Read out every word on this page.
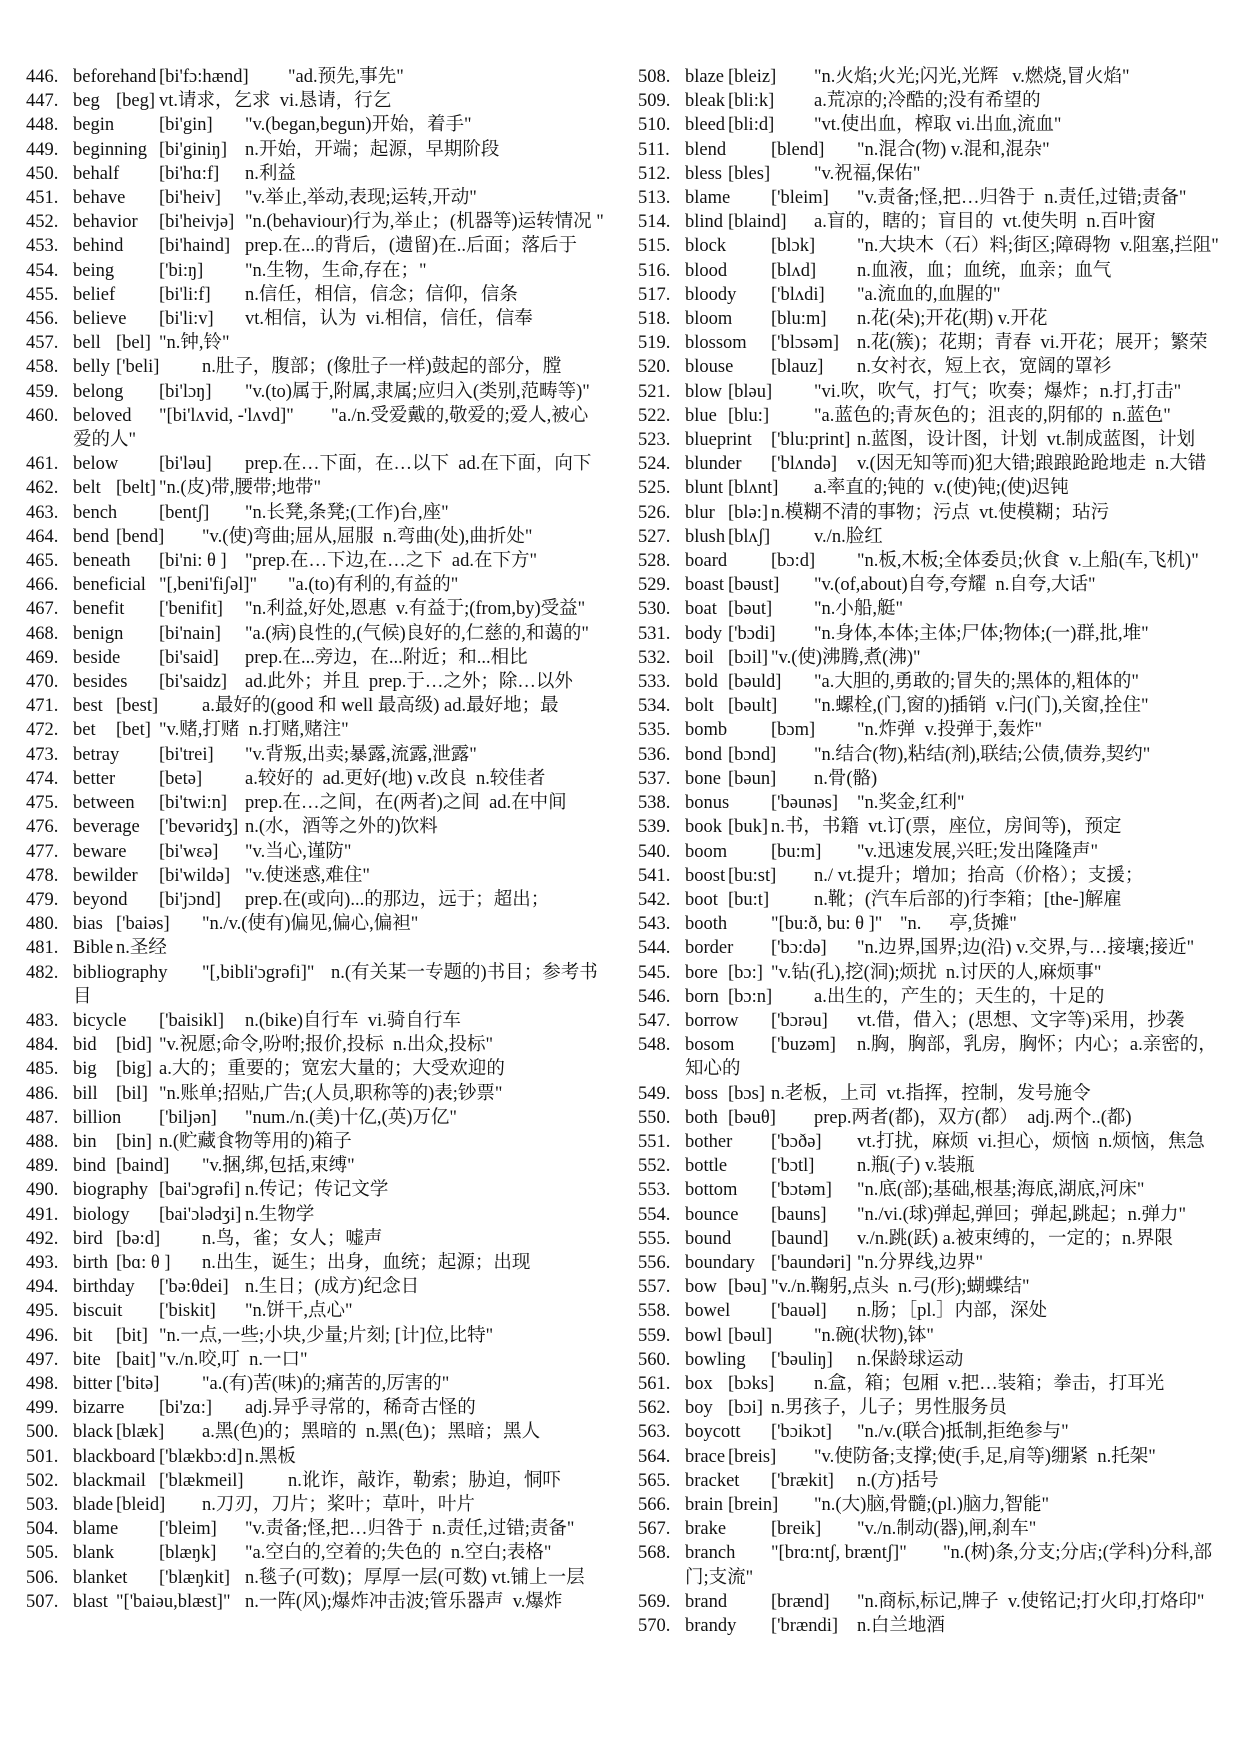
446. beforehand	[bi'fɔ:hænd]	"ad.预先,事先"
447. beg	[beg]	vt.请求，乞求  vi.恳请，行乞
448. begin	[bi'gin]	"v.(began,begun)开始，着手"
449. beginning	[bi'giniŋ]	n.开始，开端；起源，早期阶段
450. behalf	[bi'hɑ:f]	n.利益
451. behave	[bi'heiv]	"v.举止,举动,表现;运转,开动"
452. behavior	[bi'heivjə]	"n.(behaviour)行为,举止；(机器等)运转情况 "
453. behind	[bi'haind]	prep.在...的背后，(遗留)在..后面；落后于
454. being	['bi:ŋ]	"n.生物，生命,存在；"
455. belief	[bi'li:f]	n.信任，相信，信念；信仰，信条
456. believe	[bi'li:v]	vt.相信，认为  vi.相信，信任，信奉
457. bell	[bel]	"n.钟,铃"
458. belly	['beli]	n.肚子，腹部；(像肚子一样)鼓起的部分，膛
459. belong	[bi'lɔŋ]	"v.(to)属于,附属,隶属;应归入(类别,范畴等)"
460. beloved	"[bi'lʌvid, -'lʌvd]"	"a./n.受爱戴的,敬爱的;爱人,被心爱的人"
461. below	[bi'ləu]	prep.在…下面，在…以下  ad.在下面，向下
462. belt	[belt]	"n.(皮)带,腰带;地带"
463. bench	[bentʃ]	"n.长凳,条凳;(工作)台,座"
464. bend	[bend]	"v.(使)弯曲;屈从,屈服  n.弯曲(处),曲折处"
465. beneath	[bi'ni: θ ]	"prep.在…下边,在…之下  ad.在下方"
466. beneficial	"[,beni'fiʃəl]"	"a.(to)有利的,有益的"
467. benefit	['benifit]	"n.利益,好处,恩惠  v.有益于;(from,by)受益"
468. benign	[bi'nain]	"a.(病)良性的,(气候)良好的,仁慈的,和蔼的"
469. beside	[bi'said]	prep.在...旁边，在...附近；和...相比
470. besides	[bi'saidz]	ad.此外；并且  prep.于…之外；除…以外
471. best	[best]	a.最好的(good 和 well 最高级) ad.最好地；最
472. bet	[bet]	"v.赌,打赌  n.打赌,赌注"
473. betray	[bi'trei]	"v.背叛,出卖;暴露,流露,泄露"
474. better	[betə]	a.较好的  ad.更好(地) v.改良  n.较佳者
475. between	[bi'twi:n]	prep.在…之间，在(两者)之间  ad.在中间
476. beverage	['bevəridʒ]	n.(水，酒等之外的)饮料
477. beware	[bi'wɛə]	"v.当心,谨防"
478. bewilder	[bi'wildə]	"v.使迷惑,难住"
479. beyond	[bi'jɔnd]	prep.在(或向)...的那边，远于；超出；
480. bias	['baiəs]	"n./v.(使有)偏见,偏心,偏袒"
481. Bible	n.圣经
482. bibliography	"[,bibli'ɔgrəfi]"	n.(有关某一专题的)书目；参考书目
483. bicycle	['baisikl]	n.(bike)自行车  vi.骑自行车
484. bid	[bid]	"v.祝愿;命令,吩咐;报价,投标  n.出众,投标"
485. big	[big]	a.大的；重要的；宽宏大量的；大受欢迎的
486. bill	[bil]	"n.账单;招贴,广告;(人员,职称等的)表;钞票"
487. billion	['biljən]	"num./n.(美)十亿,(英)万亿"
488. bin	[bin]	n.(贮藏食物等用的)箱子
489. bind	[baind]	"v.捆,绑,包括,束缚"
490. biography	[bai'ɔgrəfi]	n.传记；传记文学
491. biology	[bai'ɔlədʒi]	n.生物学
492. bird	[bə:d]	n.鸟，雀；女人；嘘声
493. birth	[bɑ: θ ]	n.出生，诞生；出身，血统；起源；出现
494. birthday	['bə:θdei]	n.生日；(成方)纪念日
495. biscuit	['biskit]	"n.饼干,点心"
496. bit	[bit]	"n.一点,一些;小块,少量;片刻; [计]位,比特"
497. bite	[bait]	"v./n.咬,叮  n.一口"
498. bitter	['bitə]	"a.(有)苦(味)的;痛苦的,厉害的"
499. bizarre	[bi'zɑ:]	adj.异乎寻常的，稀奇古怪的
500. black	[blæk]	a.黑(色)的；黑暗的  n.黑(色)；黑暗；黑人
501. blackboard	['blækbɔ:d]	n.黑板
502. blackmail	['blækmeil]	n.讹诈，敲诈，勒索；胁迫，恫吓
503. blade	[bleid]	n.刀刃，刀片；桨叶；草叶，叶片
504. blame	['bleim]	"v.责备;怪,把…归咎于  n.责任,过错;责备"
505. blank	[blæŋk]	"a.空白的,空着的;失色的  n.空白;表格"
506. blanket	['blæŋkit]	n.毯子(可数)；厚厚一层(可数) vt.铺上一层
507. blast	"['baiəu,blæst]"	n.一阵(风);爆炸冲击波;管乐器声  v.爆炸
508. blaze	[bleiz]	"n.火焰;火光;闪光,光辉   v.燃烧,冒火焰"
509. bleak	[bli:k]	a.荒凉的;冷酷的;没有希望的
510. bleed	[bli:d]	"vt.使出血，榨取 vi.出血,流血"
511. blend	[blend]	"n.混合(物) v.混和,混杂"
512. bless	[bles]	"v.祝福,保佑"
513. blame	['bleim]	"v.责备;怪,把…归咎于  n.责任,过错;责备"
514. blind	[blaind]	a.盲的，瞎的；盲目的  vt.使失明  n.百叶窗
515. block	[blɔk]	"n.大块木（石）料;街区;障碍物  v.阻塞,拦阻"
516. blood	[blʌd]	n.血液，血；血统，血亲；血气
517. bloody	['blʌdi]	"a.流血的,血腥的"
518. bloom	[blu:m]	n.花(朵);开花(期) v.开花
519. blossom	['blɔsəm]	n.花(簇)；花期；青春  vi.开花；展开；繁荣
520. blouse	[blauz]	n.女衬衣，短上衣，宽阔的罩衫
521. blow	[bləu]	"vi.吹，吹气，打气；吹奏；爆炸；n.打,打击"
522. blue	[blu:]	"a.蓝色的;青灰色的；沮丧的,阴郁的  n.蓝色"
523. blueprint	['blu:print]	n.蓝图，设计图，计划  vt.制成蓝图，计划
524. blunder	['blʌndə]	v.(因无知等而)犯大错;踉踉跄跄地走  n.大错
525. blunt	[blʌnt]	a.率直的;钝的  v.(使)钝;(使)迟钝
526. blur	[blə:]	n.模糊不清的事物；污点  vt.使模糊；玷污
527. blush	[blʌʃ]	v./n.脸红
528. board	[bɔ:d]	"n.板,木板;全体委员;伙食  v.上船(车,飞机)"
529. boast	[bəust]	"v.(of,about)自夸,夸耀  n.自夸,大话"
530. boat	[bəut]	"n.小船,艇"
531. body	['bɔdi]	"n.身体,本体;主体;尸体;物体;(一)群,批,堆"
532. boil	[bɔil]	"v.(使)沸腾,煮(沸)"
533. bold	[bəuld]	"a.大胆的,勇敢的;冒失的;黑体的,粗体的"
534. bolt	[bəult]	"n.螺栓,(门,窗的)插销  v.闩(门),关窗,拴住"
535. bomb	[bɔm]	"n.炸弹  v.投弹于,轰炸"
536. bond	[bɔnd]	"n.结合(物),粘结(剂),联结;公债,债券,契约"
537. bone	[bəun]	n.骨(骼)
538. bonus	['bəunəs]	"n.奖金,红利"
539. book	[buk]	n.书，书籍  vt.订(票，座位，房间等)，预定
540. boom	[bu:m]	"v.迅速发展,兴旺;发出隆隆声"
541. boost	[bu:st]	n./ vt.提升；增加；抬高（价格）；支援；
542. boot	[bu:t]	n.靴；(汽车后部的)行李箱；[the-]解雇
543. booth	"[bu:ð, bu: θ ]"	"n.      亭,货摊"
544. border	['bɔ:də]	"n.边界,国界;边(沿) v.交界,与…接壤;接近"
545. bore	[bɔ:]	"v.钻(孔),挖(洞);烦扰  n.讨厌的人,麻烦事"
546. born	[bɔ:n]	a.出生的，产生的；天生的，十足的
547. borrow	['bɔrəu]	vt.借，借入；(思想、文字等)采用，抄袭
548. bosom	['buzəm]	n.胸，胸部，乳房，胸怀；内心；a.亲密的，知心的
549. boss	[bɔs]	n.老板，上司  vt.指挥，控制，发号施令
550. both	[bəuθ]	prep.两者(都)，双方(都）  adj.两个..(都)
551. bother	['bɔðə]	vt.打扰，麻烦  vi.担心，烦恼  n.烦恼，焦急
552. bottle	['bɔtl]	n.瓶(子) v.装瓶
553. bottom	['bɔtəm]	"n.底(部);基础,根基;海底,湖底,河床"
554. bounce	[bauns]	"n./vi.(球)弹起,弹回；弹起,跳起；n.弹力"
555. bound	[baund]	v./n.跳(跃) a.被束缚的，一定的；n.界限
556. boundary	['baundəri]	"n.分界线,边界"
557. bow	[bəu]	"v./n.鞠躬,点头  n.弓(形);蝴蝶结"
558. bowel	['bauəl]	n.肠；［pl.］内部，深处
559. bowl	[bəul]	"n.碗(状物),钵"
560. bowling	['bəuliŋ]	n.保龄球运动
561. box	[bɔks]	n.盒，箱；包厢  v.把…装箱；拳击，打耳光
562. boy	[bɔi]	n.男孩子，儿子；男性服务员
563. boycott	['bɔikɔt]	"n./v.(联合)抵制,拒绝参与"
564. brace	[breis]	"v.使防备;支撑;使(手,足,肩等)绷紧  n.托架"
565. bracket	['brækit]	n.(方)括号
566. brain	[brein]	"n.(大)脑,骨髓;(pl.)脑力,智能"
567. brake	[breik]	"v./n.制动(器),闸,刹车"
568. branch	"[brɑ:ntʃ, bræntʃ]"	"n.(树)条,分支;分店;(学科)分科,部门;支流"
569. brand	[brænd]	"n.商标,标记,牌子  v.使铭记;打火印,打烙印"
570. brandy	['brændi]	n.白兰地酒
